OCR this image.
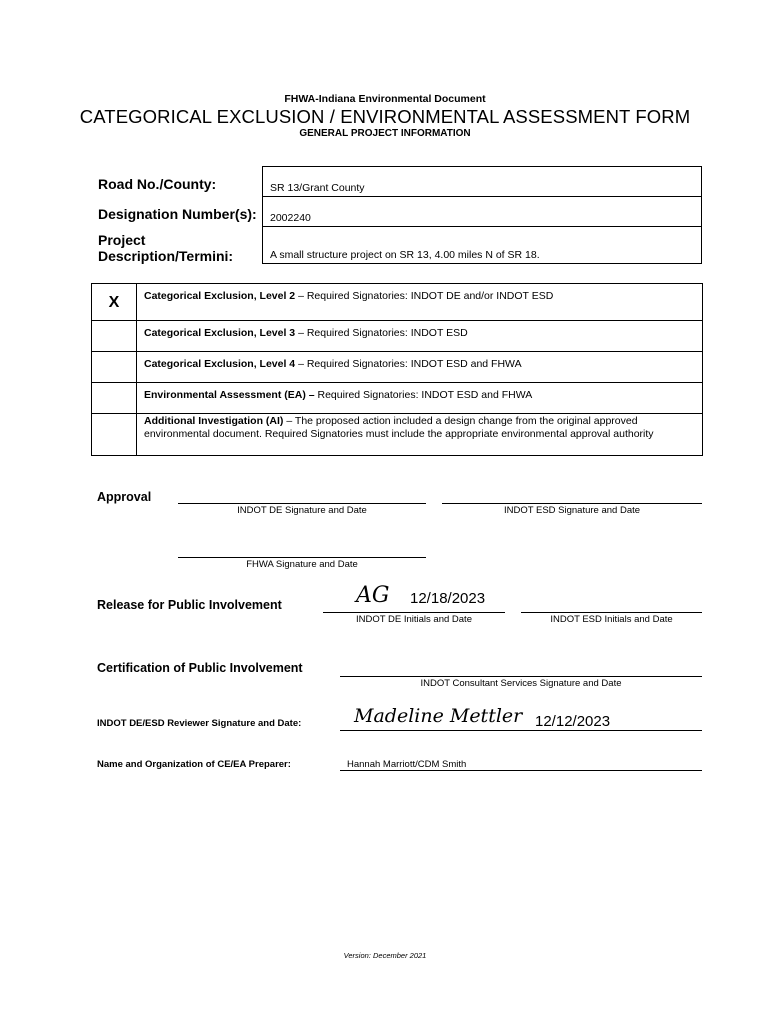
FHWA-Indiana Environmental Document
CATEGORICAL EXCLUSION / ENVIRONMENTAL ASSESSMENT FORM
GENERAL PROJECT INFORMATION
Road No./County:	SR 13/Grant County
Designation Number(s): 2002240
Project
Description/Termini:	A small structure project on SR 13, 4.00 miles N of SR 18.
X	Categorical Exclusion, Level 2 – Required Signatories: INDOT DE and/or INDOT ESD
	Categorical Exclusion, Level 3 – Required Signatories: INDOT ESD
	Categorical Exclusion, Level 4 – Required Signatories: INDOT ESD and FHWA
	Environmental Assessment (EA) – Required Signatories: INDOT ESD and FHWA
	Additional Investigation (AI) – The proposed action included a design change from the original approved environmental document. Required Signatories must include the appropriate environmental approval authority
Approval
INDOT DE Signature and Date	INDOT ESD Signature and Date
FHWA Signature and Date
Release for Public Involvement	AG 12/18/2023
INDOT DE Initials and Date	INDOT ESD Initials and Date
Certification of Public Involvement
INDOT Consultant Services Signature and Date
INDOT DE/ESD Reviewer Signature and Date:	Madeline Mettler 12/12/2023
Name and Organization of CE/EA Preparer:	Hannah Marriott/CDM Smith
Version: December 2021
